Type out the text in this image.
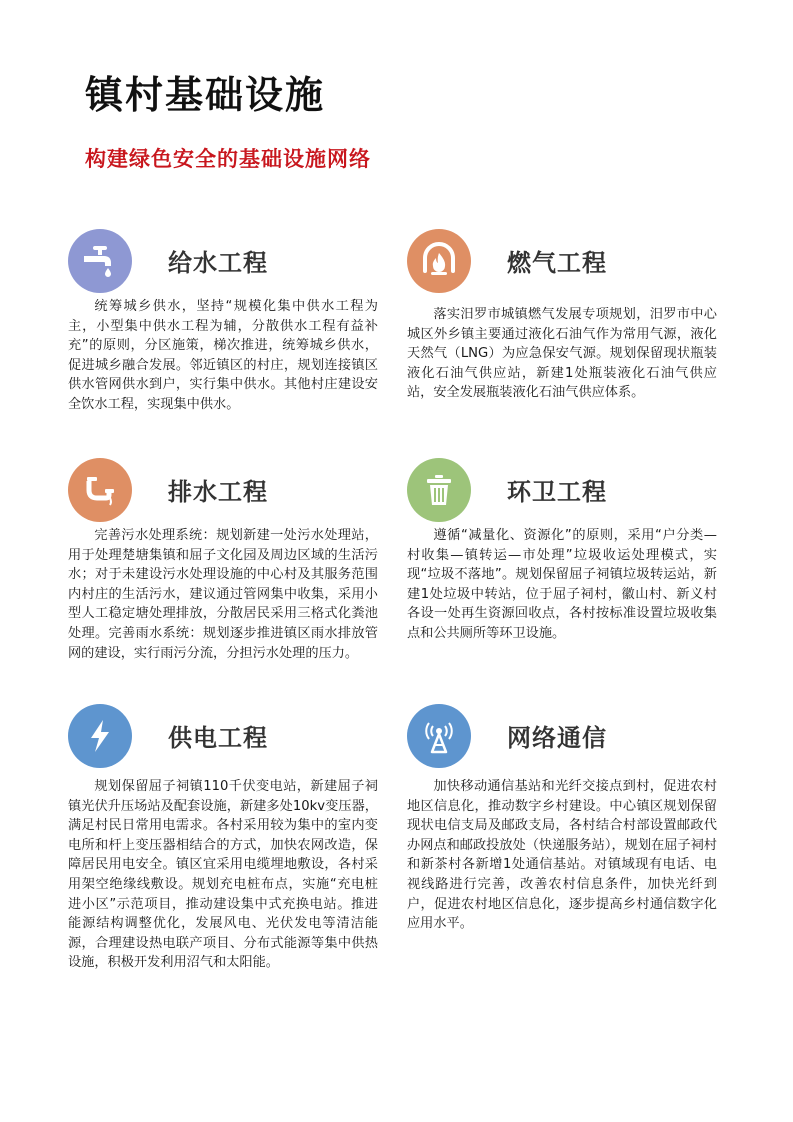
镇村基础设施
构建绿色安全的基础设施网络
给水工程

统筹城乡供水，坚持“规模化集中供水工程为主，小型集中供水工程为辅，分散供水工程有益补充”的原则，分区施策，梯次推进，统筹城乡供水，促进城乡融合发展。邻近镇区的村庄，规划连接镇区供水管网供水到户，实行集中供水。其他村庄建设安全饮水工程，实现集中供水。

燃气工程

落实汨罗市城镇燃气发展专项规划，汨罗市中心城区外乡镇主要通过液化石油气作为常用气源，液化天然气（LNG）为应急保安气源。规划保留现状瓶装液化石油气供应站，新建1处瓶装液化石油气供应站，安全发展瓶装液化石油气供应体系。

排水工程

完善污水处理系统：规划新建一处污水处理站，用于处理楚塘集镇和屈子文化园及周边区域的生活污水；对于未建设污水处理设施的中心村及其服务范围内村庄的生活污水，建议通过管网集中收集，采用小型人工稳定塘处理排放，分散居民采用三格式化粪池处理。完善雨水系统：规划逐步推进镇区雨水排放管网的建设，实行雨污分流，分担污水处理的压力。

环卫工程

遵循“减量化、资源化”的原则，采用“户分类—村收集—镇转运—市处理”垃圾收运处理模式，实现“垃圾不落地”。规划保留屈子祠镇垃圾转运站，新建1处垃圾中转站，位于屈子祠村，徽山村、新义村各设一处再生资源回收点，各村按标准设置垃圾收集点和公共厕所等环卫设施。

供电工程

规划保留屈子祠镇110千伏变电站，新建屈子祠镇光伏升压场站及配套设施，新建多处10kv变压器，满足村民日常用电需求。各村采用较为集中的室内变电所和杆上变压器相结合的方式，加快农网改造，保障居民用电安全。镇区宜采用电缆埋地敷设，各村采用架空绝缘线敷设。规划充电桩布点，实施“充电桩进小区”示范项目，推动建设集中式充换电站。推进能源结构调整优化，发展风电、光伏发电等清洁能源，合理建设热电联产项目、分布式能源等集中供热设施，积极开发利用沼气和太阳能。

网络通信

加快移动通信基站和光纤交接点到村，促进农村地区信息化，推动数字乡村建设。中心镇区规划保留现状电信支局及邮政支局，各村结合村部设置邮政代办网点和邮政投放处（快递服务站），规划在屈子祠村和新茶村各新增1处通信基站。对镇域现有电话、电视线路进行完善，改善农村信息条件，加快光纤到户，促进农村地区信息化，逐步提高乡村通信数字化应用水平。
